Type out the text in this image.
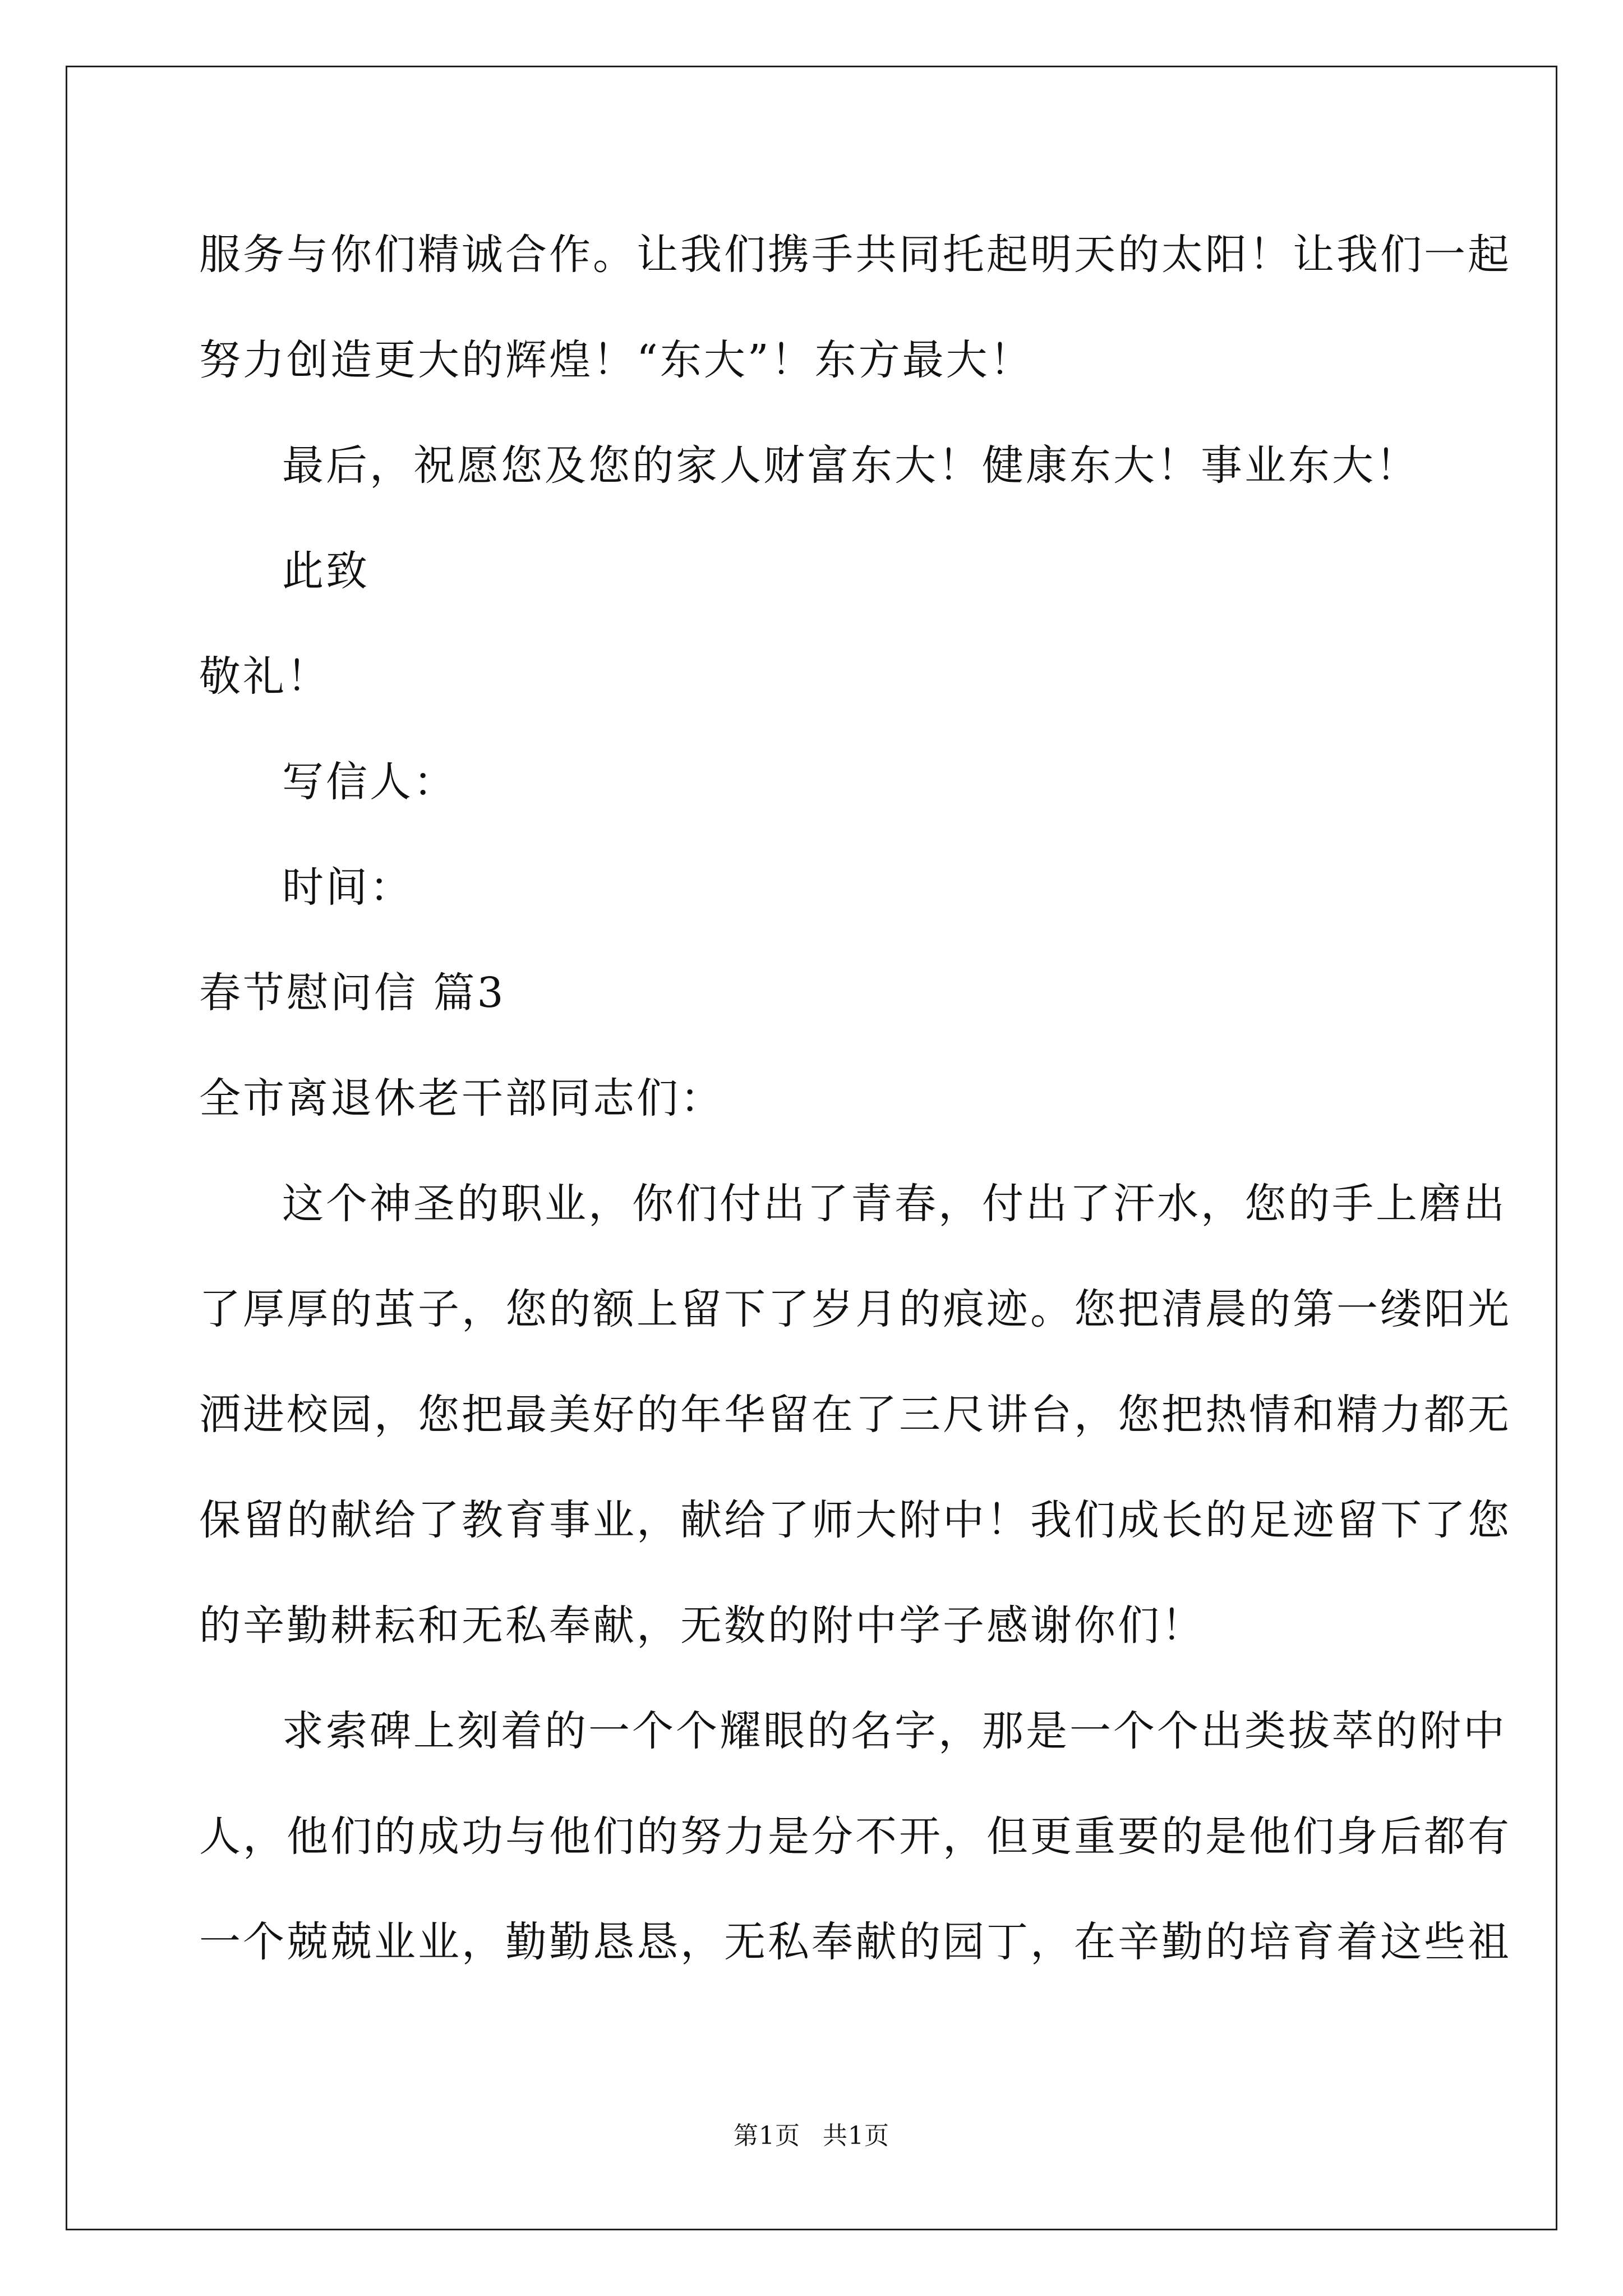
服务与你们精诚合作。让我们携手共同托起明天的太阳！让我们一起
努力创造更大的辉煌！“东大”！东方最大！
最后，祝愿您及您的家人财富东大！健康东大！事业东大！
此致
敬礼！
写信人：
时间：
春节慰问信 篇3
全市离退休老干部同志们：
这个神圣的职业，你们付出了青春，付出了汗水，您的手上磨出
了厚厚的茧子，您的额上留下了岁月的痕迹。您把清晨的第一缕阳光
洒进校园，您把最美好的年华留在了三尺讲台，您把热情和精力都无
保留的献给了教育事业，献给了师大附中！我们成长的足迹留下了您
的辛勤耕耘和无私奉献，无数的附中学子感谢你们！
求索碑上刻着的一个个耀眼的名字，那是一个个出类拔萃的附中
人，他们的成功与他们的努力是分不开，但更重要的是他们身后都有
一个兢兢业业，勤勤恳恳，无私奉献的园丁，在辛勤的培育着这些祖
第1页 共1页
